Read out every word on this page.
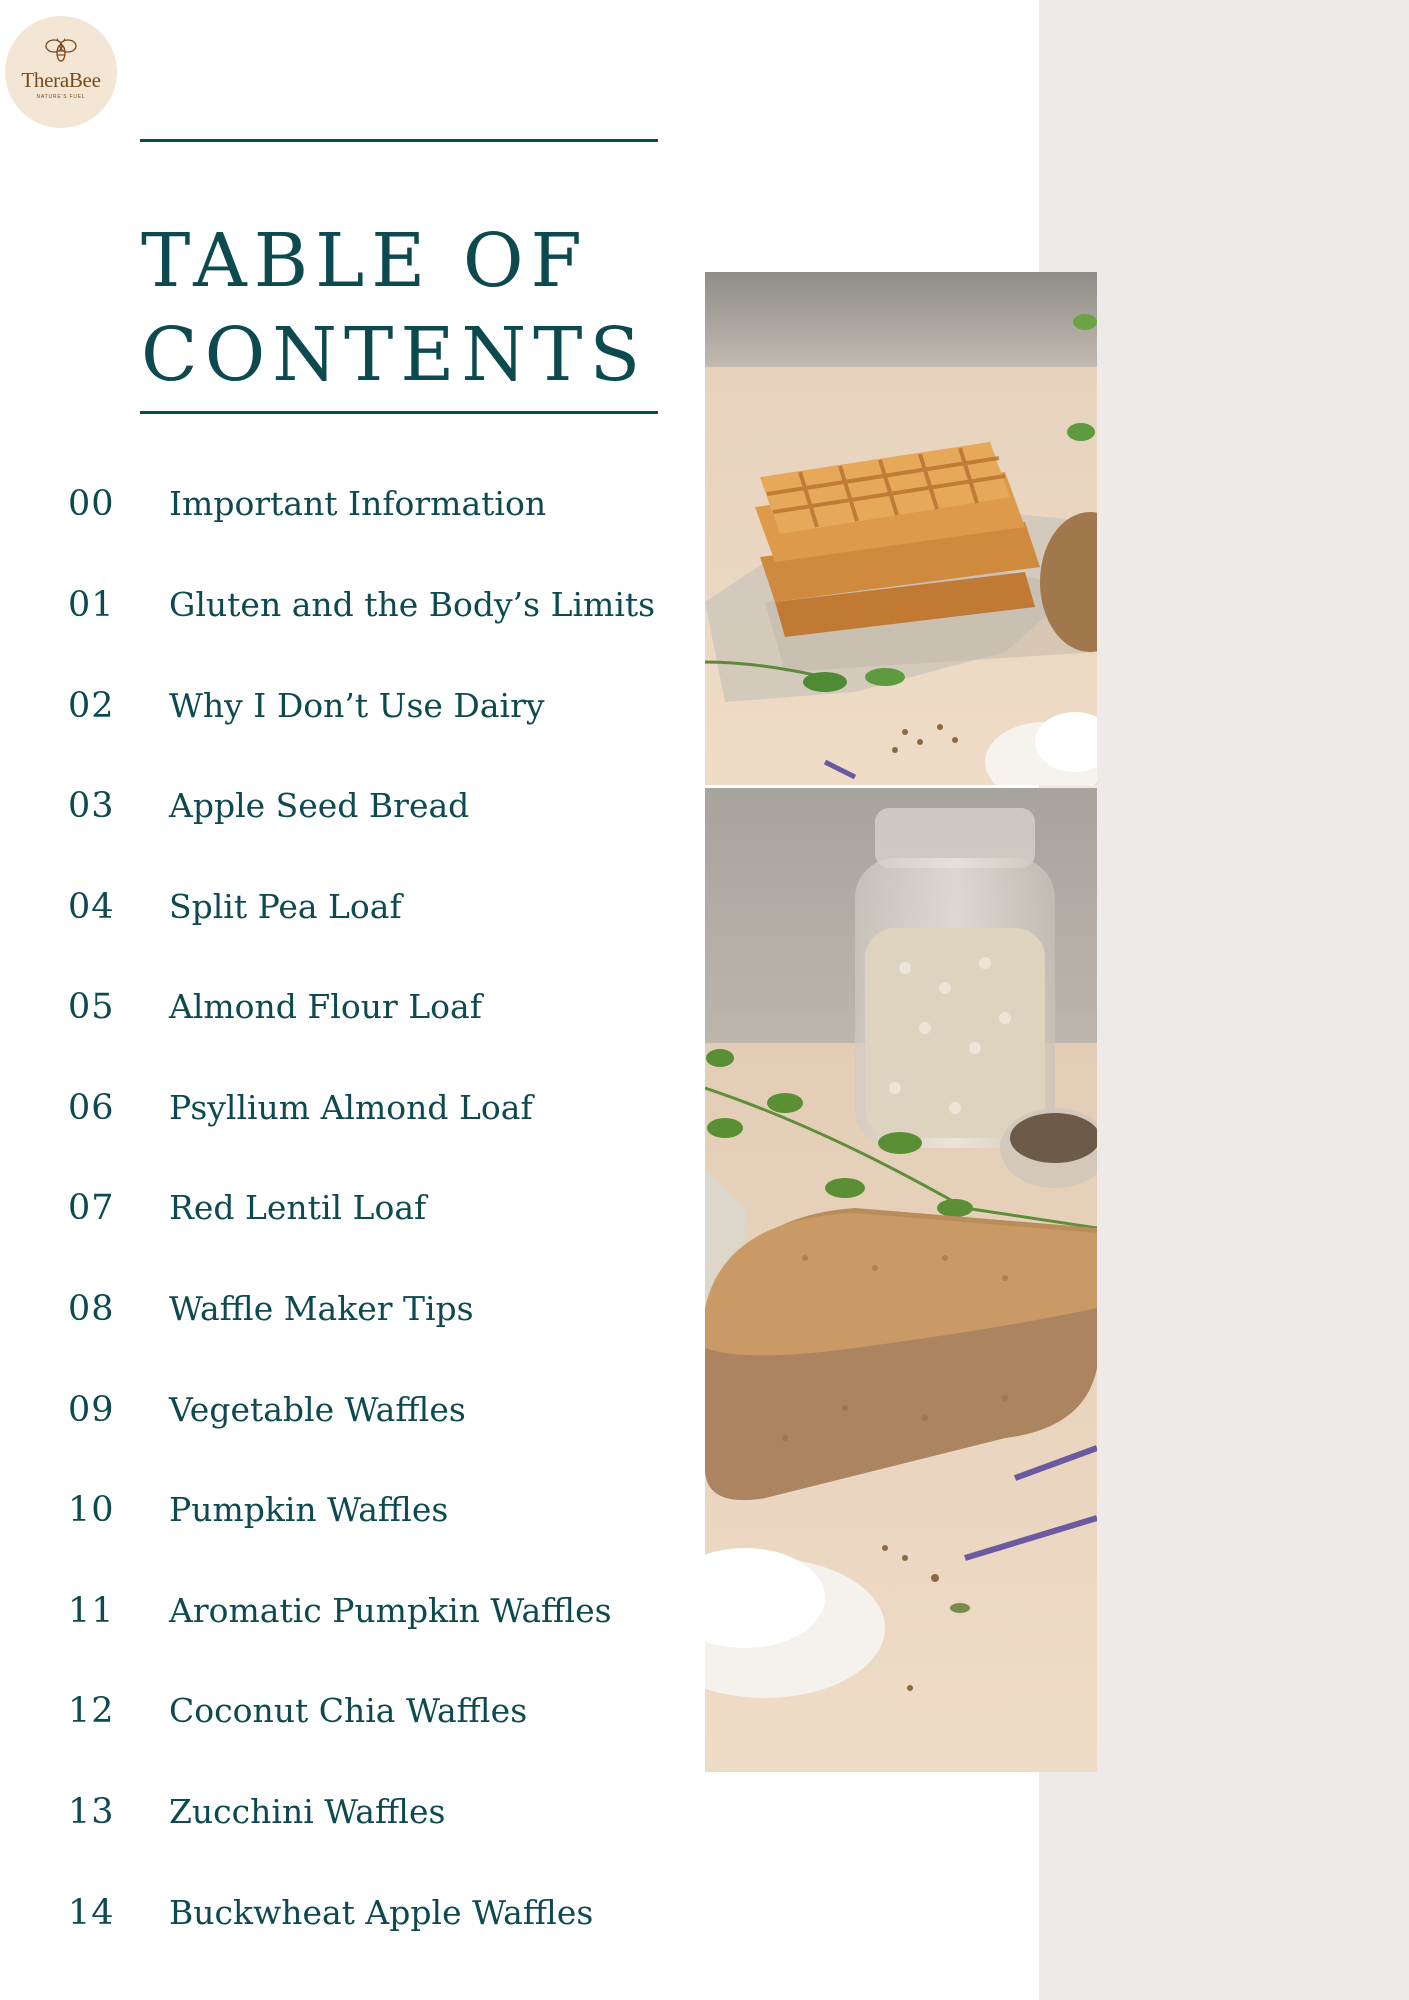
TheraBee
NATURE'S FUEL
TABLE OF
CONTENTS
00 Important Information
01 Gluten and the Body’s Limits
02 Why I Don’t Use Dairy
03 Apple Seed Bread
04 Split Pea Loaf
05 Almond Flour Loaf
06 Psyllium Almond Loaf
07 Red Lentil Loaf
08 Waffle Maker Tips
09 Vegetable Waffles
10 Pumpkin Waffles
11 Aromatic Pumpkin Waffles
12 Coconut Chia Waffles
13 Zucchini Waffles
14 Buckwheat Apple Waffles
